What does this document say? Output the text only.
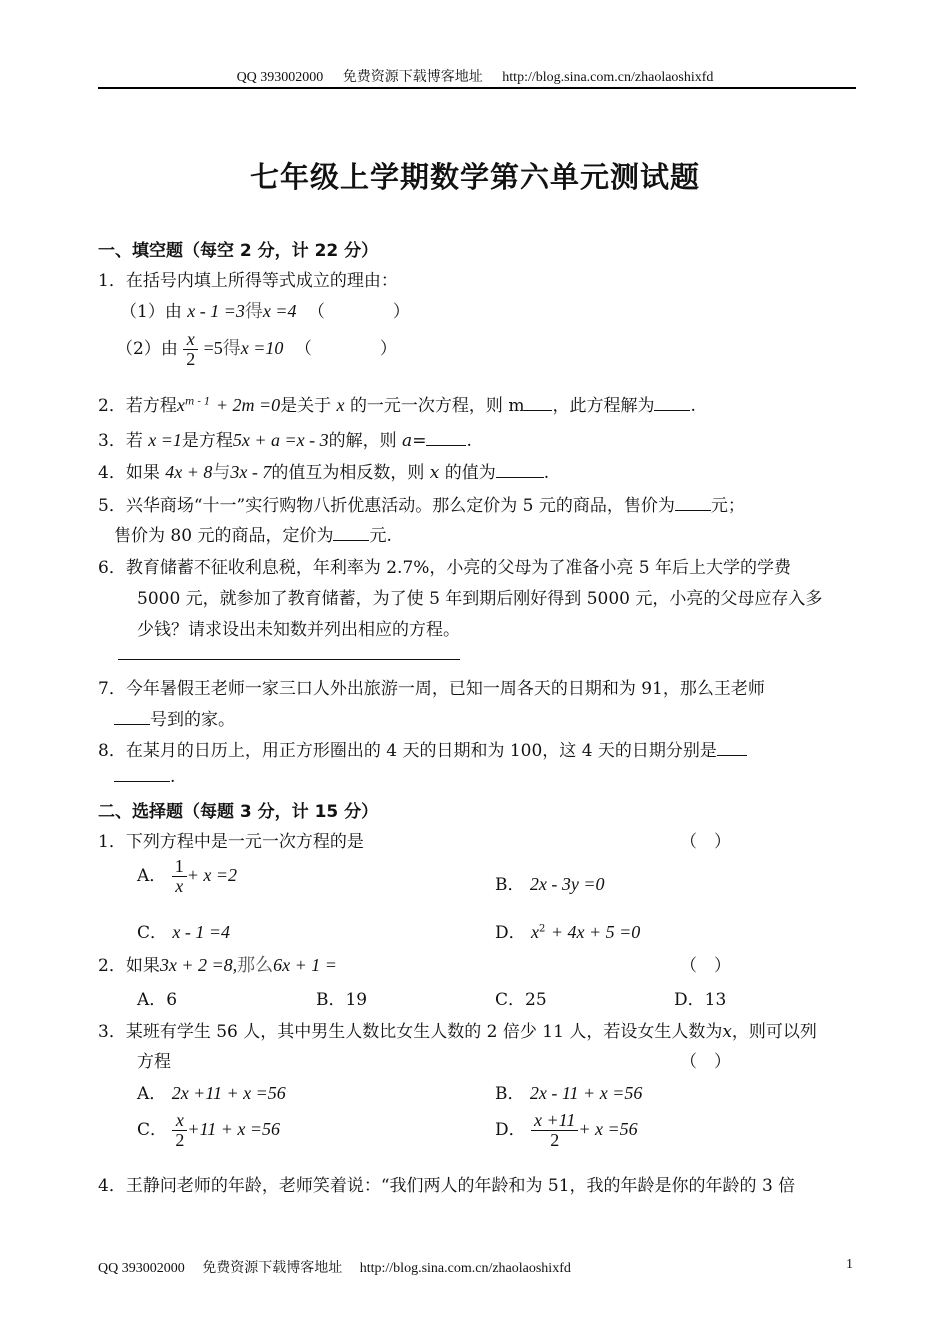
QQ 393002000 免费资源下载博客地址 http://blog.sina.com.cn/zhaolaoshixfd
七年级上学期数学第六单元测试题
一、填空题（每空 2 分，计 22 分）
1．在括号内填上所得等式成立的理由：
（1）由 x - 1 =3得x =4 （　　　　）
（2）由 $\frac{x}{2} =5$得x =10 （　　　　）
2．若方程$x^{m - 1} + 2m =0$是关于 x 的一元一次方程，则 m ，此方程解为 .
3．若 x =1是方程5x + a =x - 3的解，则 a= .
4．如果 4x + 8与3x - 7的值互为相反数，则 x 的值为	.
5．兴华商场“十一”实行购物八折优惠活动。那么定价为 5 元的商品，售价为 元；
售价为 80 元的商品，定价为 元.
6．教育储蓄不征收利息税，年利率为 2.7%，小亮的父母为了准备小亮 5 年后上大学的学费
5000 元，就参加了教育储蓄，为了使 5 年到期后刚好得到 5000 元，小亮的父母应存入多
少钱？请求设出未知数并列出相应的方程。
7．今年暑假王老师一家三口人外出旅游一周，已知一周各天的日期和为 91，那么王老师
号到的家。
8．在某月的日历上，用正方形圈出的 4 天的日期和为 100，这 4 天的日期分别是
.
二、选择题（每题 3 分，计 15 分）
1．下列方程中是一元一次方程的是	（　）
A． $\frac{1}{x} + x =2$
B． 2x - 3y =0
C． x - 1 =4	D． $x^2 + 4x + 5 =0$
2．如果3x + 2 =8,那么6x + 1 =	（　）
A．6	B．19	C．25	D．13
3．某班有学生 56 人，其中男生人数比女生人数的 2 倍少 11 人，若设女生人数为x，则可以列
方程	（　）
A． 2x +11 + x =56	B． 2x - 11 + x =56
C． $\frac{x}{2} +11 + x =56$	D． $\frac{x +11}{2} + x =56$
4．王静问老师的年龄，老师笑着说：“我们两人的年龄和为 51，我的年龄是你的年龄的 3 倍
QQ 393002000 免费资源下载博客地址 http://blog.sina.com.cn/zhaolaoshixfd	1
